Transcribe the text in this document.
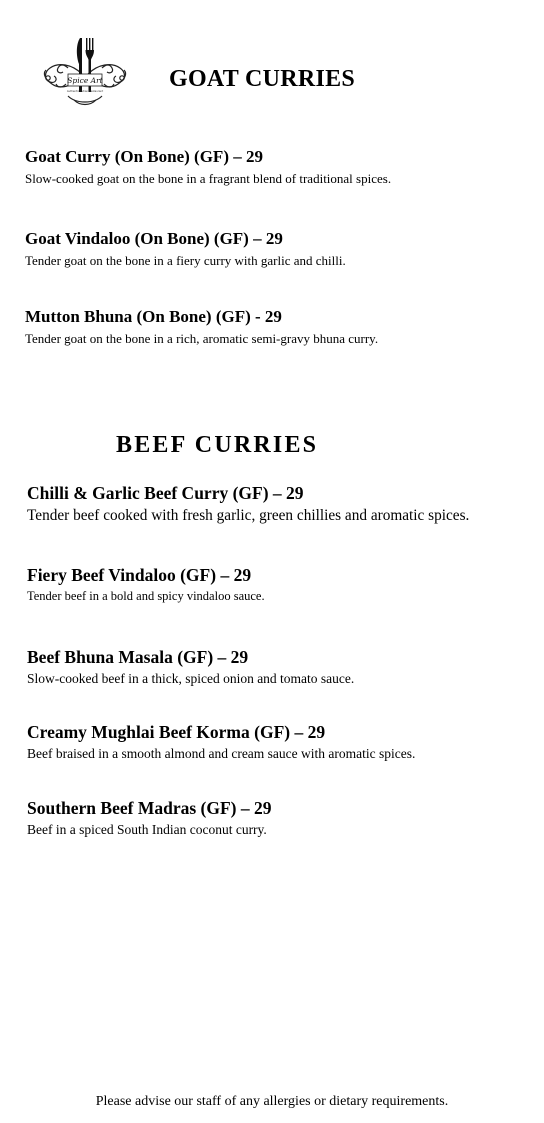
Spice Art
Authentic Indian Restaurant	GOAT CURRIES
Goat Curry (On Bone) (GF) – 29
Slow-cooked goat on the bone in a fragrant blend of traditional spices.
Goat Vindaloo (On Bone) (GF) – 29
Tender goat on the bone in a fiery curry with garlic and chilli.
Mutton Bhuna (On Bone) (GF) - 29
Tender goat on the bone in a rich, aromatic semi-gravy bhuna curry.
BEEF CURRIES
Chilli & Garlic Beef Curry (GF) – 29
Tender beef cooked with fresh garlic, green chillies and aromatic spices.
Fiery Beef Vindaloo (GF) – 29
Tender beef in a bold and spicy vindaloo sauce.
Beef Bhuna Masala (GF) – 29
Slow-cooked beef in a thick, spiced onion and tomato sauce.
Creamy Mughlai Beef Korma (GF) – 29
Beef braised in a smooth almond and cream sauce with aromatic spices.
Southern Beef Madras (GF) – 29
Beef in a spiced South Indian coconut curry.
Please advise our staff of any allergies or dietary requirements.
